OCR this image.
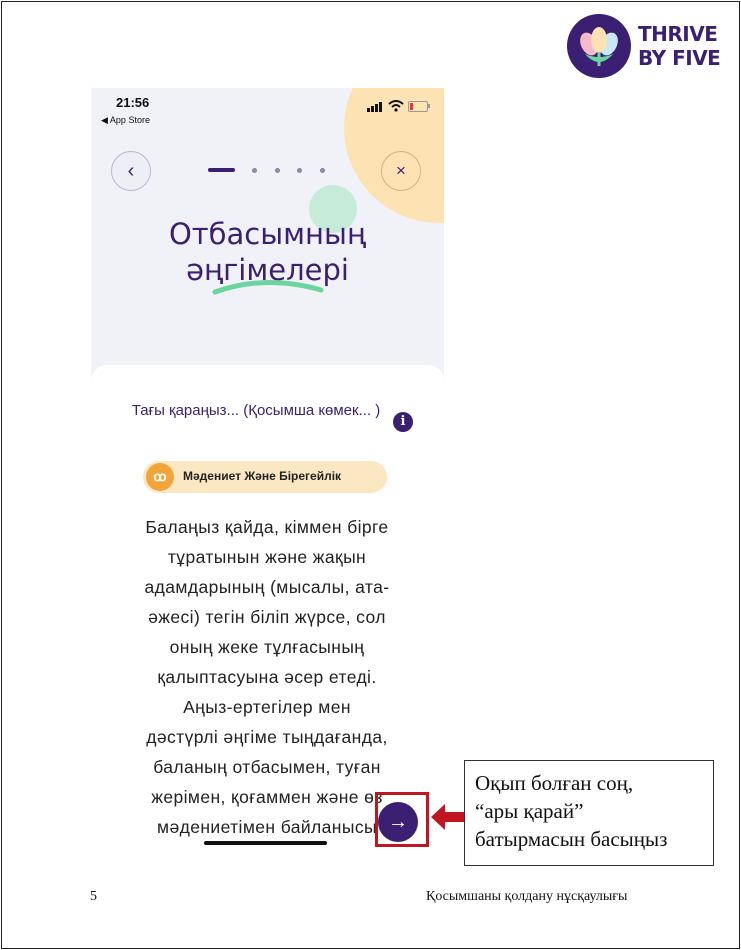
THRIVE
BY FIVE
21:56
◀ App Store
‹	×
Отбасымның
әңгімелері
Тағы қараңыз... (Қосымша көмек... )
i
ꝏ	Мәдениет Және Бірегейлік
Балаңыз қайда, кіммен бірге
тұратынын және жақын
адамдарының (мысалы, ата-
әжесі) тегін біліп жүрсе, сол
оның жеке тұлғасының
қалыптасуына әсер етеді.
Аңыз-ертегілер мен
дәстүрлі әңгіме тыңдағанда,
баланың отбасымен, туған
жерімен, қоғаммен және өз
мәдениетімен байланысы →
Оқып болған соң,
“ары қарай”
батырмасын басыңыз
5	Қосымшаны қолдану нұсқаулығы
